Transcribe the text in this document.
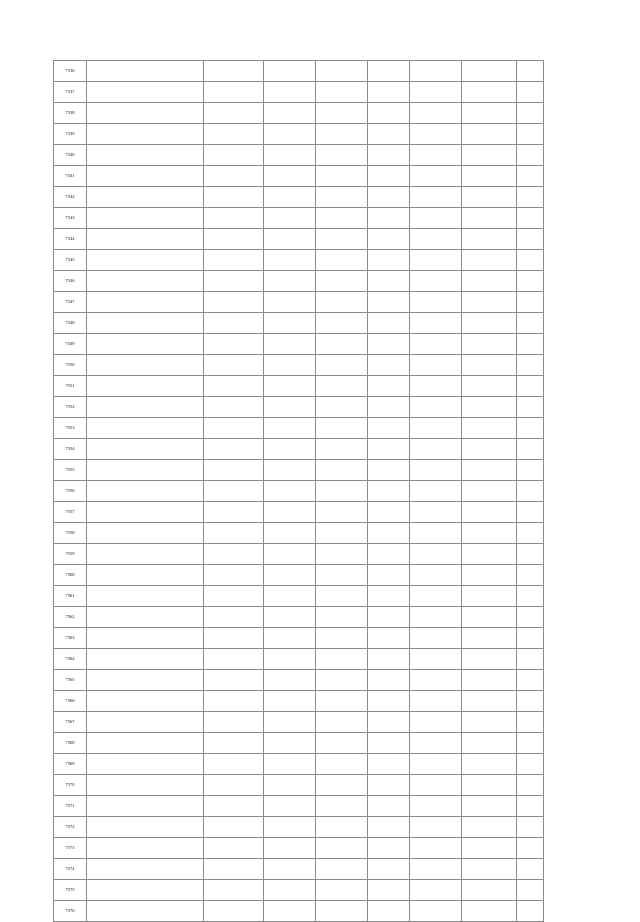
7536								
7537								
7538								
7539								
7540								
7541								
7542								
7543								
7544								
7545								
7546								
7547								
7548								
7549								
7550								
7551								
7552								
7553								
7554								
7555								
7556								
7557								
7558								
7559								
7560								
7561								
7562								
7563								
7564								
7565								
7566								
7567								
7568								
7569								
7570								
7571								
7572								
7573								
7574								
7575								
7576								
